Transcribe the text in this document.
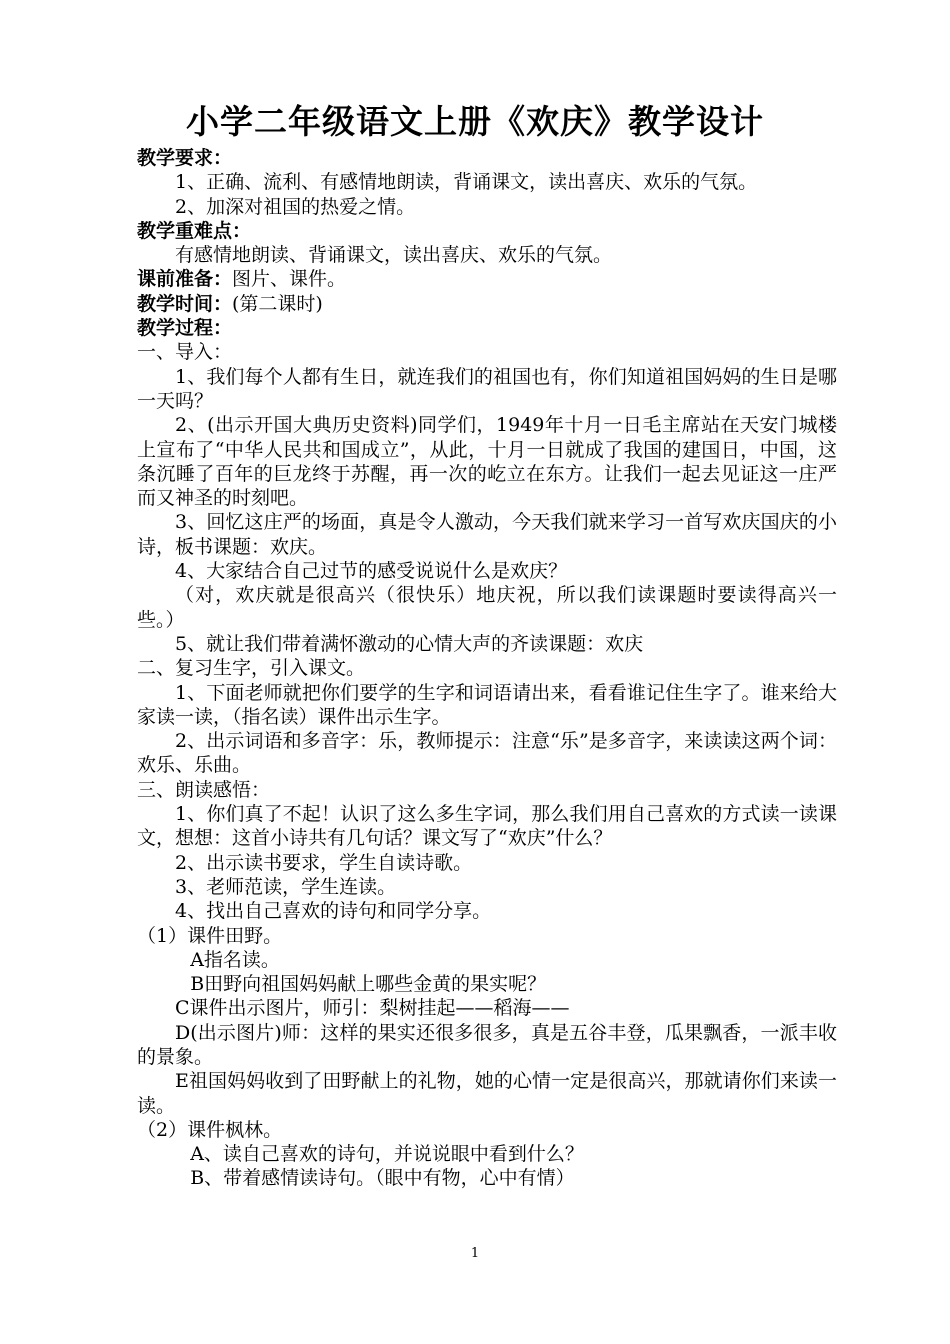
小学二年级语文上册《欢庆》教学设计

教学要求：

1、正确、流利、有感情地朗读，背诵课文，读出喜庆、欢乐的气氛。

2、加深对祖国的热爱之情。

教学重难点：

有感情地朗读、背诵课文，读出喜庆、欢乐的气氛。

课前准备：图片、课件。

教学时间：(第二课时)

教学过程：

一、导入：

1、我们每个人都有生日，就连我们的祖国也有，你们知道祖国妈妈的生日是哪一天吗？

2、(出示开国大典历史资料)同学们，1949年十月一日毛主席站在天安门城楼上宣布了“中华人民共和国成立”，从此，十月一日就成了我国的建国日，中国，这条沉睡了百年的巨龙终于苏醒，再一次的屹立在东方。让我们一起去见证这一庄严而又神圣的时刻吧。

3、回忆这庄严的场面，真是令人激动，今天我们就来学习一首写欢庆国庆的小诗，板书课题：欢庆。

4、大家结合自己过节的感受说说什么是欢庆？

（对，欢庆就是很高兴（很快乐）地庆祝，所以我们读课题时要读得高兴一些。）

5、就让我们带着满怀激动的心情大声的齐读课题：欢庆

二、复习生字，引入课文。

1、下面老师就把你们要学的生字和词语请出来，看看谁记住生字了。谁来给大家读一读，（指名读）课件出示生字。

2、出示词语和多音字：乐，教师提示：注意“乐”是多音字，来读读这两个词：欢乐、乐曲。

三、朗读感悟：

1、你们真了不起！认识了这么多生字词，那么我们用自己喜欢的方式读一读课文，想想：这首小诗共有几句话？课文写了“欢庆”什么？

2、出示读书要求，学生自读诗歌。

3、老师范读，学生连读。

4、找出自己喜欢的诗句和同学分享。

（1）课件田野。

A指名读。

B田野向祖国妈妈献上哪些金黄的果实呢？

C课件出示图片，师引：梨树挂起——稻海——

D(出示图片)师：这样的果实还很多很多，真是五谷丰登，瓜果飘香，一派丰收的景象。

E祖国妈妈收到了田野献上的礼物，她的心情一定是很高兴，那就请你们来读一读。

（2）课件枫林。

A、读自己喜欢的诗句，并说说眼中看到什么？

B、带着感情读诗句。（眼中有物，心中有情）

1
